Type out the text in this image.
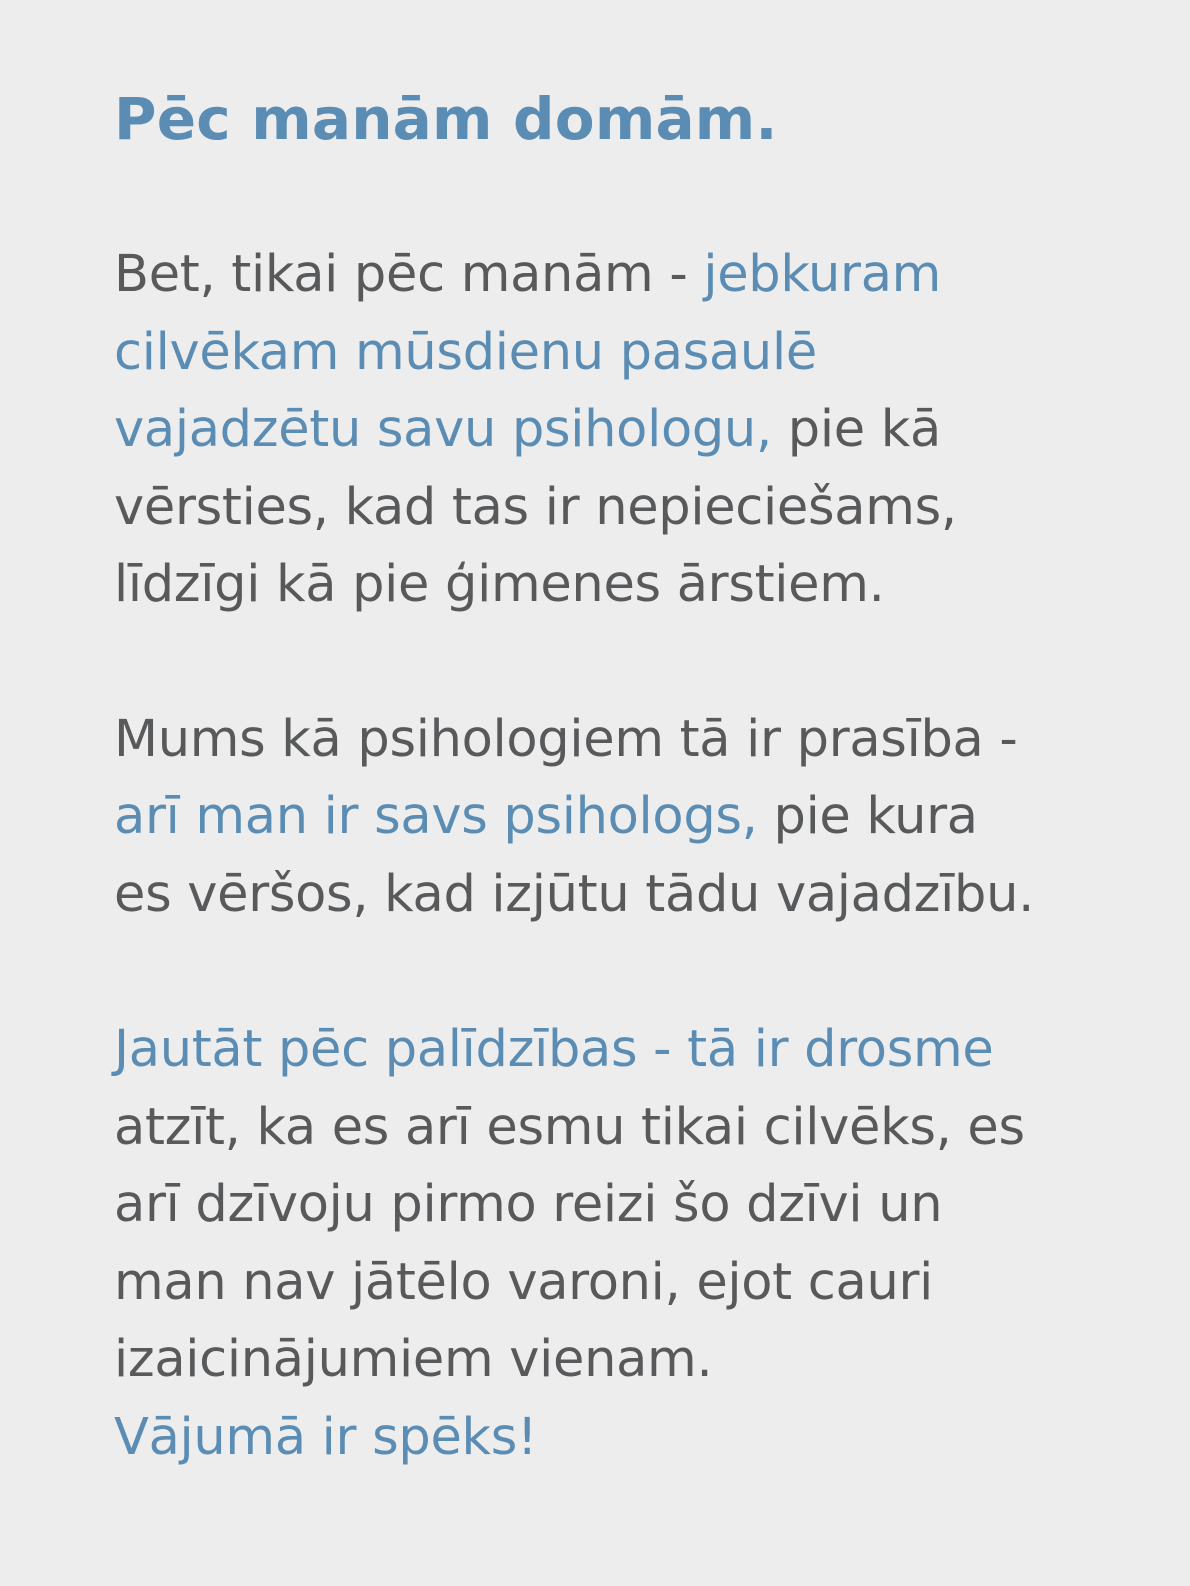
Pēc manām domām.

Bet, tikai pēc manām - jebkuram
cilvēkam mūsdienu pasaulē
vajadzētu savu psihologu, pie kā
vērsties, kad tas ir nepieciešams,
līdzīgi kā pie ģimenes ārstiem.

Mums kā psihologiem tā ir prasība -
arī man ir savs psihologs, pie kura
es vēršos, kad izjūtu tādu vajadzību.

Jautāt pēc palīdzības - tā ir drosme
atzīt, ka es arī esmu tikai cilvēks, es
arī dzīvoju pirmo reizi šo dzīvi un
man nav jātēlo varoni, ejot cauri
izaicinājumiem vienam.
Vājumā ir spēks!
